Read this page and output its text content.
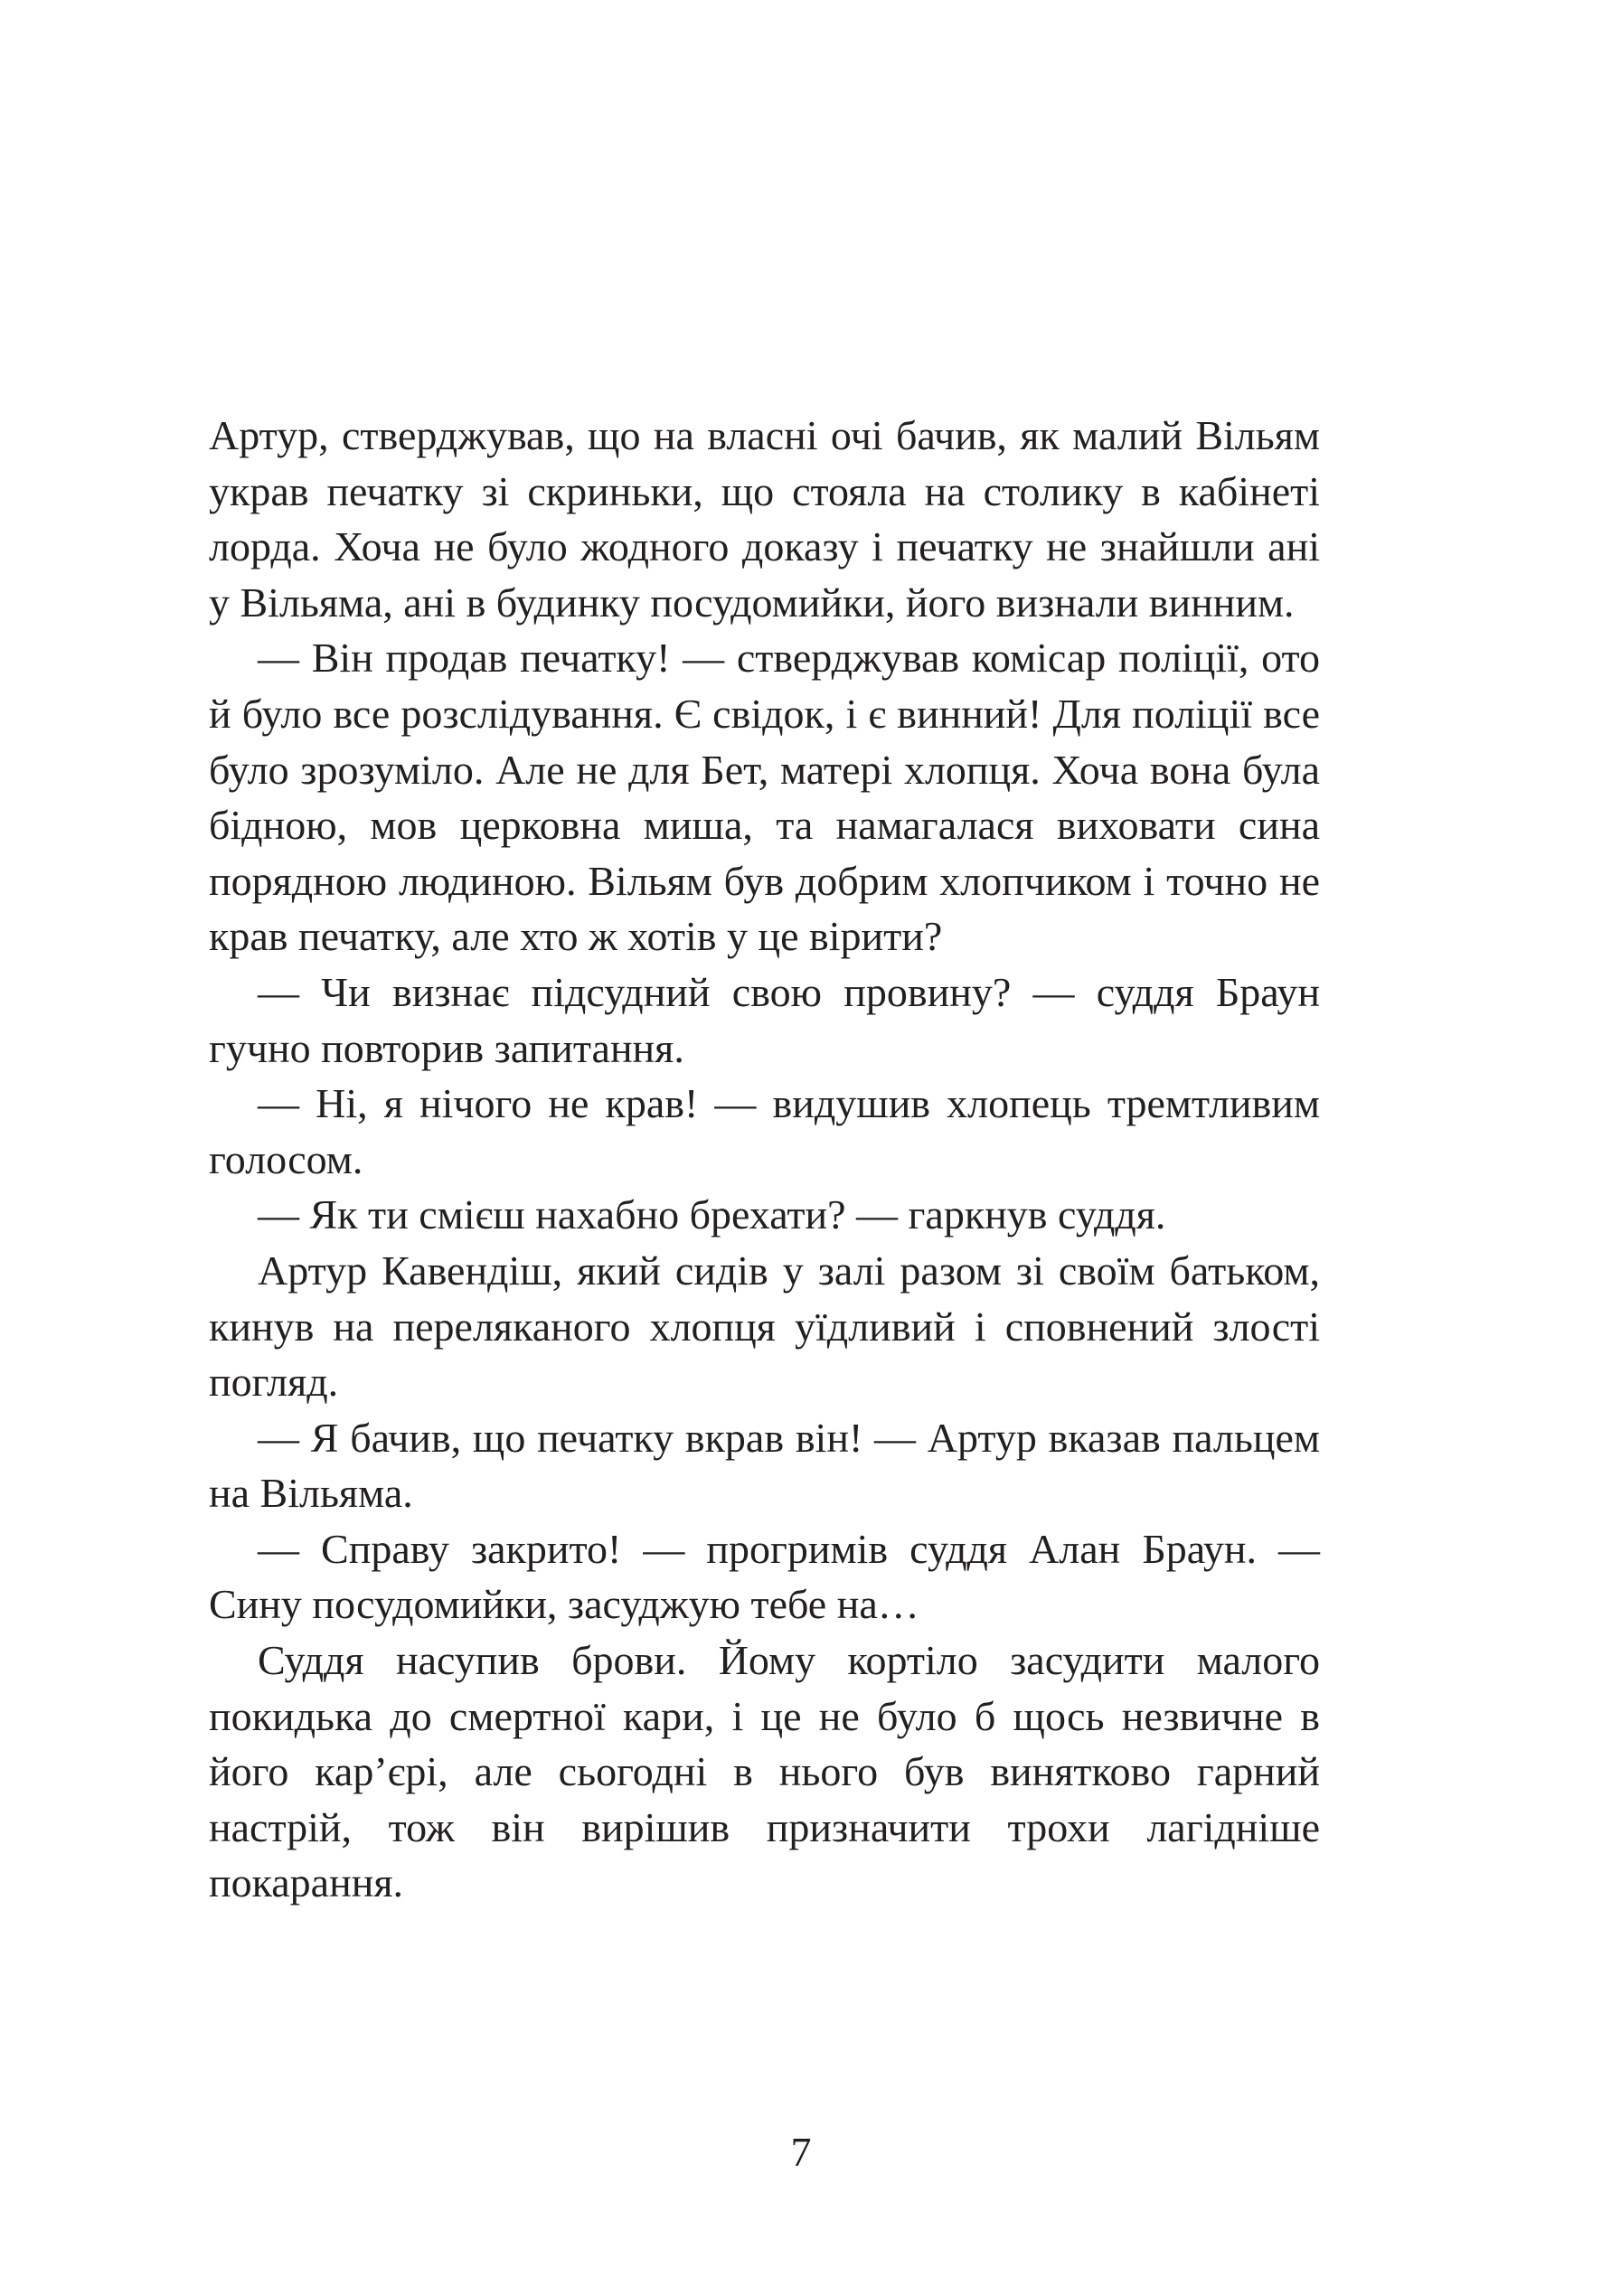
Артур, стверджував, що на власні очі бачив, як малий Вільям украв печатку зі скриньки, що стояла на столику в кабінеті лорда. Хоча не було жодного доказу і печатку не знайшли ані у Вільяма, ані в будинку посудомийки, його визнали винним.

— Він продав печатку! — стверджував комісар поліції, ото й було все розслідування. Є свідок, і є винний! Для поліції все було зрозуміло. Але не для Бет, матері хлопця. Хоча вона була бідною, мов церковна миша, та намагалася виховати сина порядною людиною. Вільям був добрим хлопчиком і точно не крав печатку, але хто ж хотів у це вірити?

— Чи визнає підсудний свою провину? — суддя Браун гучно повторив запитання.

— Ні, я нічого не крав! — видушив хлопець тремтливим голосом.

— Як ти смієш нахабно брехати? — гаркнув суддя.

Артур Кавендіш, який сидів у залі разом зі своїм батьком, кинув на переляканого хлопця уїдливий і сповнений злості погляд.

— Я бачив, що печатку вкрав він! — Артур вказав пальцем на Вільяма.

— Справу закрито! — прогримів суддя Алан Браун. — Сину посудомийки, засуджую тебе на…

Суддя насупив брови. Йому кортіло засудити малого покидька до смертної кари, і це не було б щось незвичне в його кар’єрі, але сьогодні в нього був винятково гарний настрій, тож він вирішив призначити трохи лагідніше покарання.

7
